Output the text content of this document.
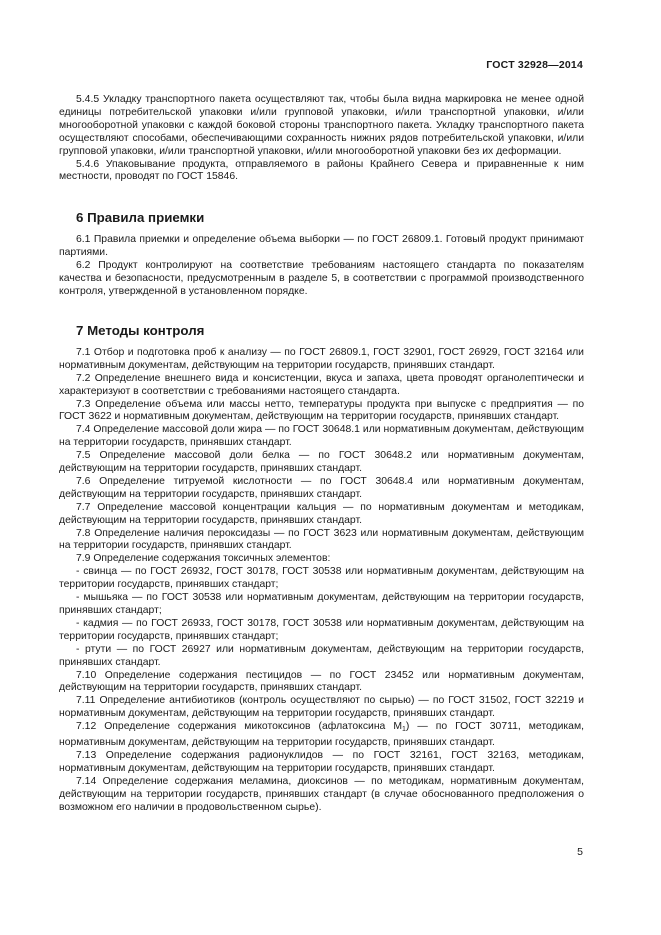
ГОСТ 32928—2014

5.4.5 Укладку транспортного пакета осуществляют так, чтобы была видна маркировка не менее одной единицы потребительской упаковки и/или групповой упаковки, и/или транспортной упаковки, и/или многооборотной упаковки с каждой боковой стороны транспортного пакета. Укладку транспортного пакета осуществляют способами, обеспечивающими сохранность нижних рядов потребительской упаковки, и/или групповой упаковки, и/или транспортной упаковки, и/или многооборотной упаковки без их деформации.

5.4.6 Упаковывание продукта, отправляемого в районы Крайнего Севера и приравненные к ним местности, проводят по ГОСТ 15846.

6 Правила приемки

6.1 Правила приемки и определение объема выборки — по ГОСТ 26809.1. Готовый продукт принимают партиями.

6.2 Продукт контролируют на соответствие требованиям настоящего стандарта по показателям качества и безопасности, предусмотренным в разделе 5, в соответствии с программой производственного контроля, утвержденной в установленном порядке.

7 Методы контроля

7.1 Отбор и подготовка проб к анализу — по ГОСТ 26809.1, ГОСТ 32901, ГОСТ 26929, ГОСТ 32164 или нормативным документам, действующим на территории государств, принявших стандарт.

7.2 Определение внешнего вида и консистенции, вкуса и запаха, цвета проводят органолептически и характеризуют в соответствии с требованиями настоящего стандарта.

7.3 Определение объема или массы нетто, температуры продукта при выпуске с предприятия — по ГОСТ 3622 и нормативным документам, действующим на территории государств, принявших стандарт.

7.4 Определение массовой доли жира — по ГОСТ 30648.1 или нормативным документам, действующим на территории государств, принявших стандарт.

7.5 Определение массовой доли белка — по ГОСТ 30648.2 или нормативным документам, действующим на территории государств, принявших стандарт.

7.6 Определение титруемой кислотности — по ГОСТ 30648.4 или нормативным документам, действующим на территории государств, принявших стандарт.

7.7 Определение массовой концентрации кальция — по нормативным документам и методикам, действующим на территории государств, принявших стандарт.

7.8 Определение наличия пероксидазы — по ГОСТ 3623 или нормативным документам, действующим на территории государств, принявших стандарт.

7.9 Определение содержания токсичных элементов:

- свинца — по ГОСТ 26932, ГОСТ 30178, ГОСТ 30538 или нормативным документам, действующим на территории государств, принявших стандарт;

- мышьяка — по ГОСТ 30538 или нормативным документам, действующим на территории государств, принявших стандарт;

- кадмия — по ГОСТ 26933, ГОСТ 30178, ГОСТ 30538 или нормативным документам, действующим на территории государств, принявших стандарт;

- ртути — по ГОСТ 26927 или нормативным документам, действующим на территории государств, принявших стандарт.

7.10 Определение содержания пестицидов — по ГОСТ 23452 или нормативным документам, действующим на территории государств, принявших стандарт.

7.11 Определение антибиотиков (контроль осуществляют по сырью) — по ГОСТ 31502, ГОСТ 32219 и нормативным документам, действующим на территории государств, принявших стандарт.

7.12 Определение содержания микотоксинов (афлатоксина $M_1$) — по ГОСТ 30711, методикам, нормативным документам, действующим на территории государств, принявших стандарт.

7.13 Определение содержания радионуклидов — по ГОСТ 32161, ГОСТ 32163, методикам, нормативным документам, действующим на территории государств, принявших стандарт.

7.14 Определение содержания меламина, диоксинов — по методикам, нормативным документам, действующим на территории государств, принявших стандарт (в случае обоснованного предположения о возможном его наличии в продовольственном сырье).

5
